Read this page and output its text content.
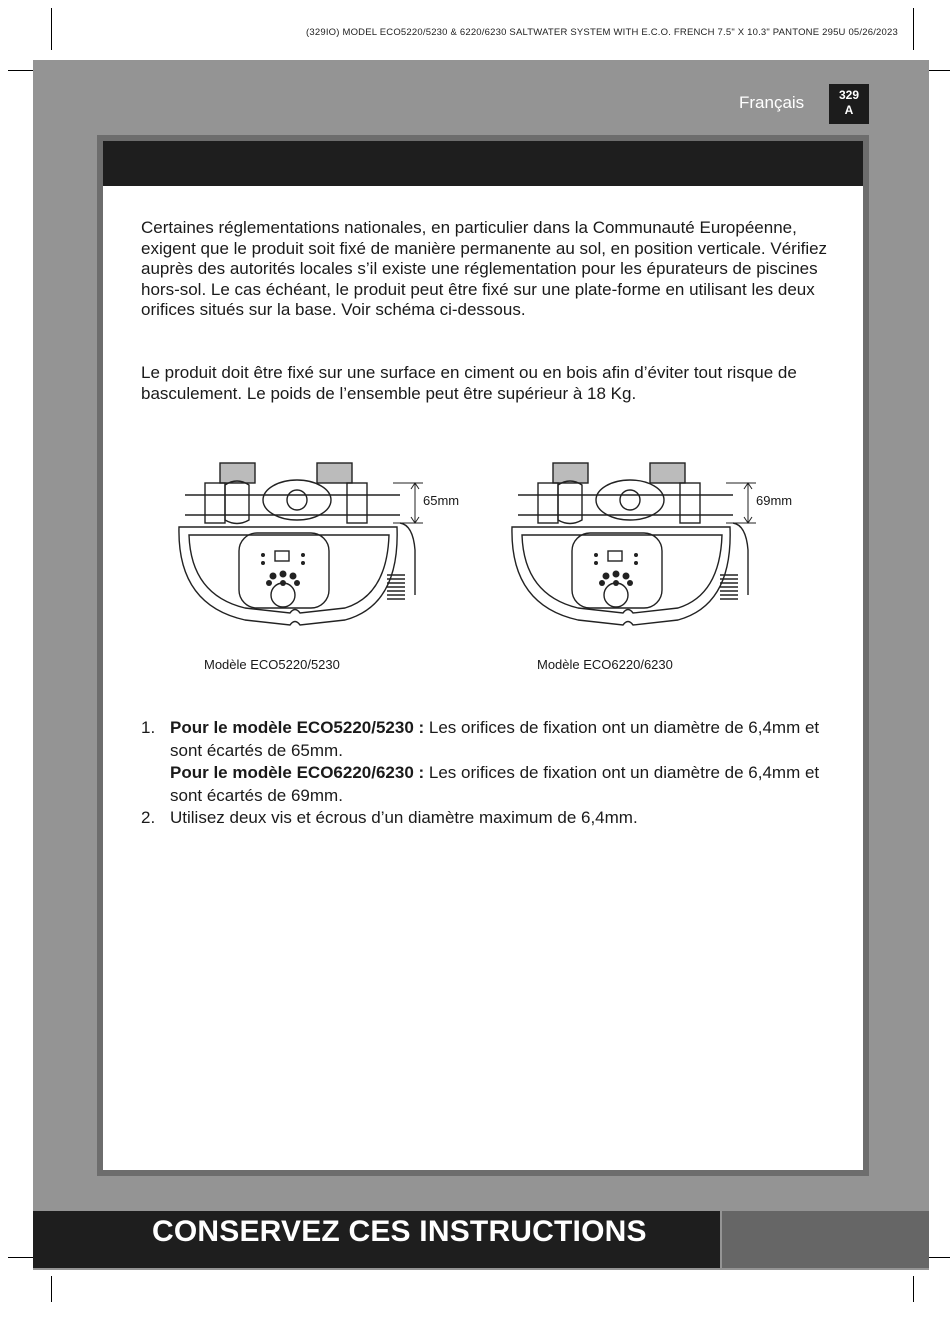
(329IO) MODEL ECO5220/5230 & 6220/6230 SALTWATER SYSTEM WITH E.C.O. FRENCH 7.5" X 10.3" PANTONE 295U 05/26/2023
Français	329
A

Certaines réglementations nationales, en particulier dans la Communauté Européenne, exigent que le produit soit fixé de manière permanente au sol, en position verticale. Vérifiez auprès des autorités locales s’il existe une réglementation pour les épurateurs de piscines hors-sol. Le cas échéant, le produit peut être fixé sur une plate-forme en utilisant les deux orifices situés sur la base. Voir schéma ci-dessous.

Le produit doit être fixé sur une surface en ciment ou en bois afin d’éviter tout risque de basculement. Le poids de l’ensemble peut être supérieur à 18 Kg.

65mm
Modèle ECO5220/5230
69mm
Modèle ECO6220/6230
1. Pour le modèle ECO5220/5230 : Les orifices de fixation ont un diamètre de 6,4mm et sont écartés de 65mm.
Pour le modèle ECO6220/6230 : Les orifices de fixation ont un diamètre de 6,4mm et sont écartés de 69mm.
2. Utilisez deux vis et écrous d’un diamètre maximum de 6,4mm.
CONSERVEZ CES INSTRUCTIONS
